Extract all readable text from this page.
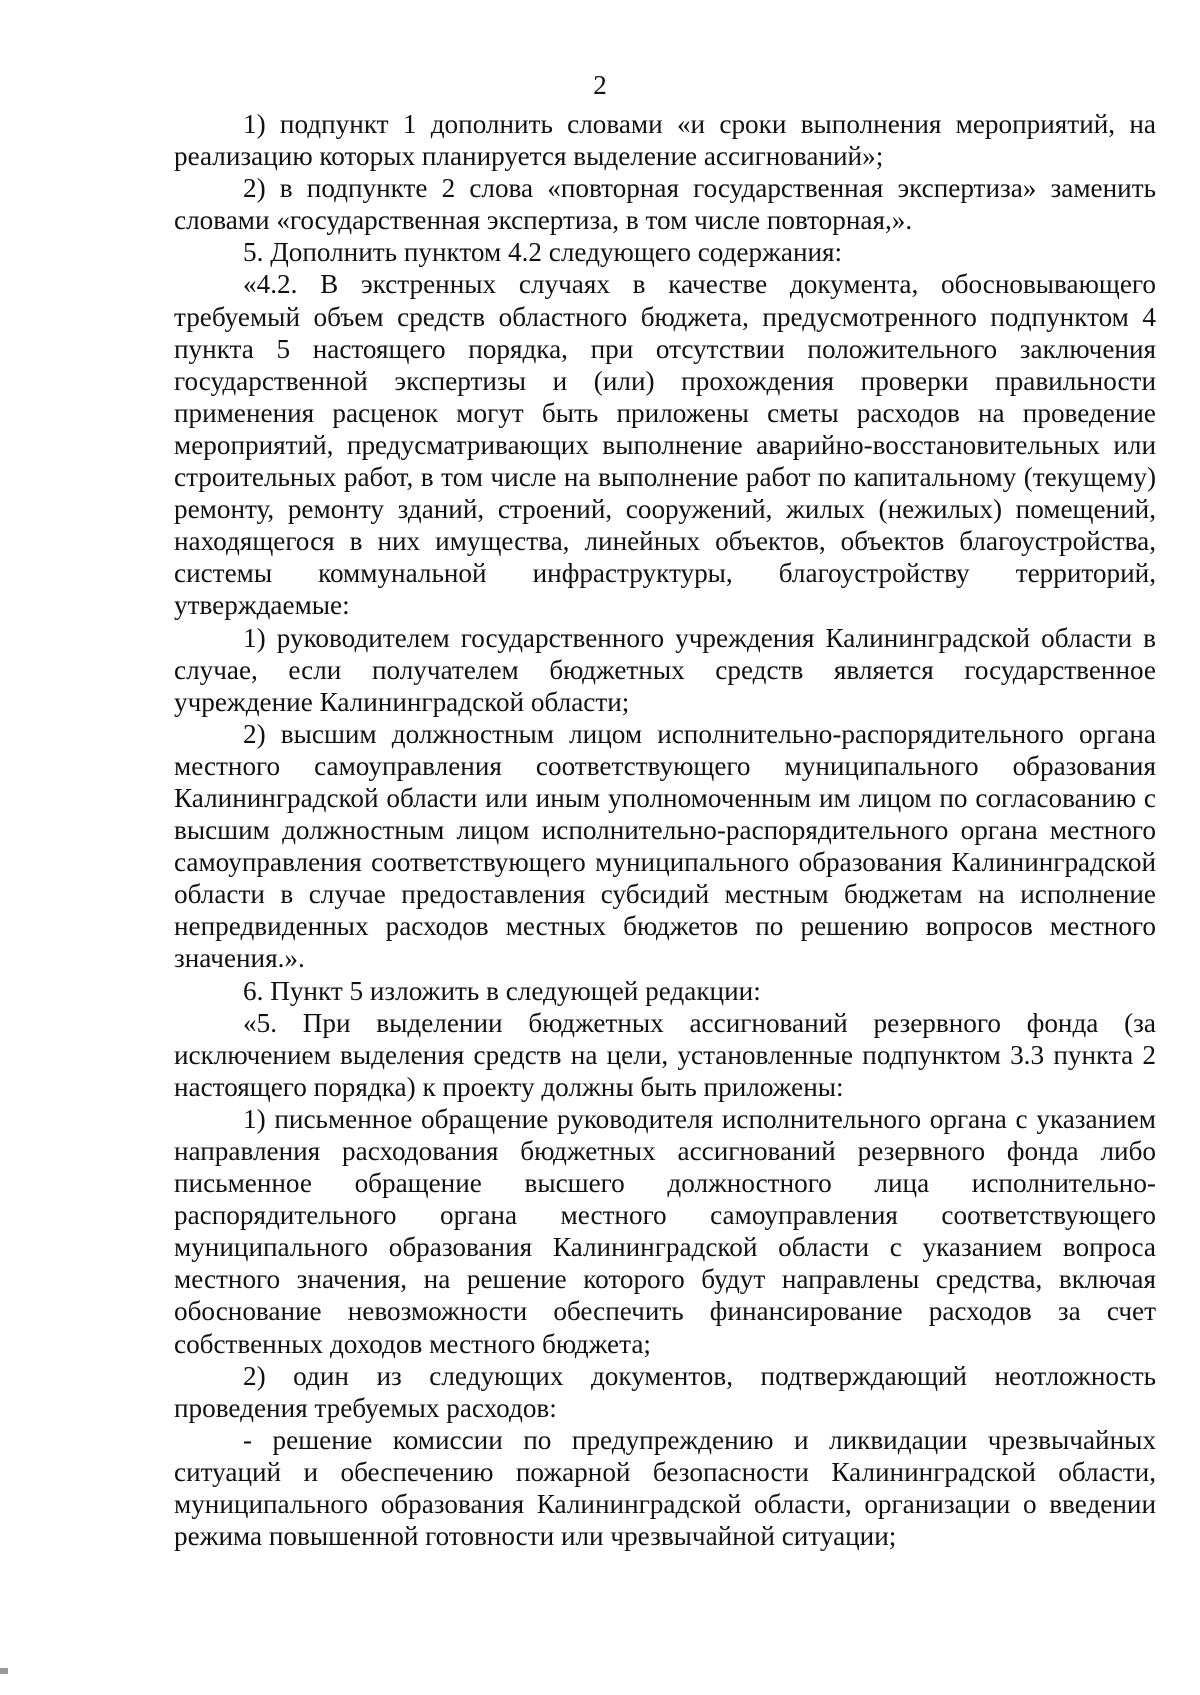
2

1) подпункт 1 дополнить словами «и сроки выполнения мероприятий, на реализацию которых планируется выделение ассигнований»;

2) в подпункте 2 слова «повторная государственная экспертиза» заменить словами «государственная экспертиза, в том числе повторная,».

5. Дополнить пунктом 4.2 следующего содержания:

«4.2. В экстренных случаях в качестве документа, обосновывающего требуемый объем средств областного бюджета, предусмотренного подпунктом 4 пункта 5 настоящего порядка, при отсутствии положительного заключения государственной экспертизы и (или) прохождения проверки правильности применения расценок могут быть приложены сметы расходов на проведение мероприятий, предусматривающих выполнение аварийно-восстановительных или строительных работ, в том числе на выполнение работ по капитальному (текущему) ремонту, ремонту зданий, строений, сооружений, жилых (нежилых) помещений, находящегося в них имущества, линейных объектов, объектов благоустройства, системы коммунальной инфраструктуры, благоустройству территорий, утверждаемые:

1) руководителем государственного учреждения Калининградской области в случае, если получателем бюджетных средств является государственное учреждение Калининградской области;

2) высшим должностным лицом исполнительно-распорядительного органа местного самоуправления соответствующего муниципального образования Калининградской области или иным уполномоченным им лицом по согласованию с высшим должностным лицом исполнительно-распорядительного органа местного самоуправления соответствующего муниципального образования Калининградской области в случае предоставления субсидий местным бюджетам на исполнение непредвиденных расходов местных бюджетов по решению вопросов местного значения.».

6. Пункт 5 изложить в следующей редакции:

«5. При выделении бюджетных ассигнований резервного фонда (за исключением выделения средств на цели, установленные подпунктом 3.3 пункта 2 настоящего порядка) к проекту должны быть приложены:

1) письменное обращение руководителя исполнительного органа с указанием направления расходования бюджетных ассигнований резервного фонда либо письменное обращение высшего должностного лица исполнительно-распорядительного органа местного самоуправления соответствующего муниципального образования Калининградской области с указанием вопроса местного значения, на решение которого будут направлены средства, включая обоснование невозможности обеспечить финансирование расходов за счет собственных доходов местного бюджета;

2) один из следующих документов, подтверждающий неотложность проведения требуемых расходов:

- решение комиссии по предупреждению и ликвидации чрезвычайных ситуаций и обеспечению пожарной безопасности Калининградской области, муниципального образования Калининградской области, организации о введении режима повышенной готовности или чрезвычайной ситуации;
